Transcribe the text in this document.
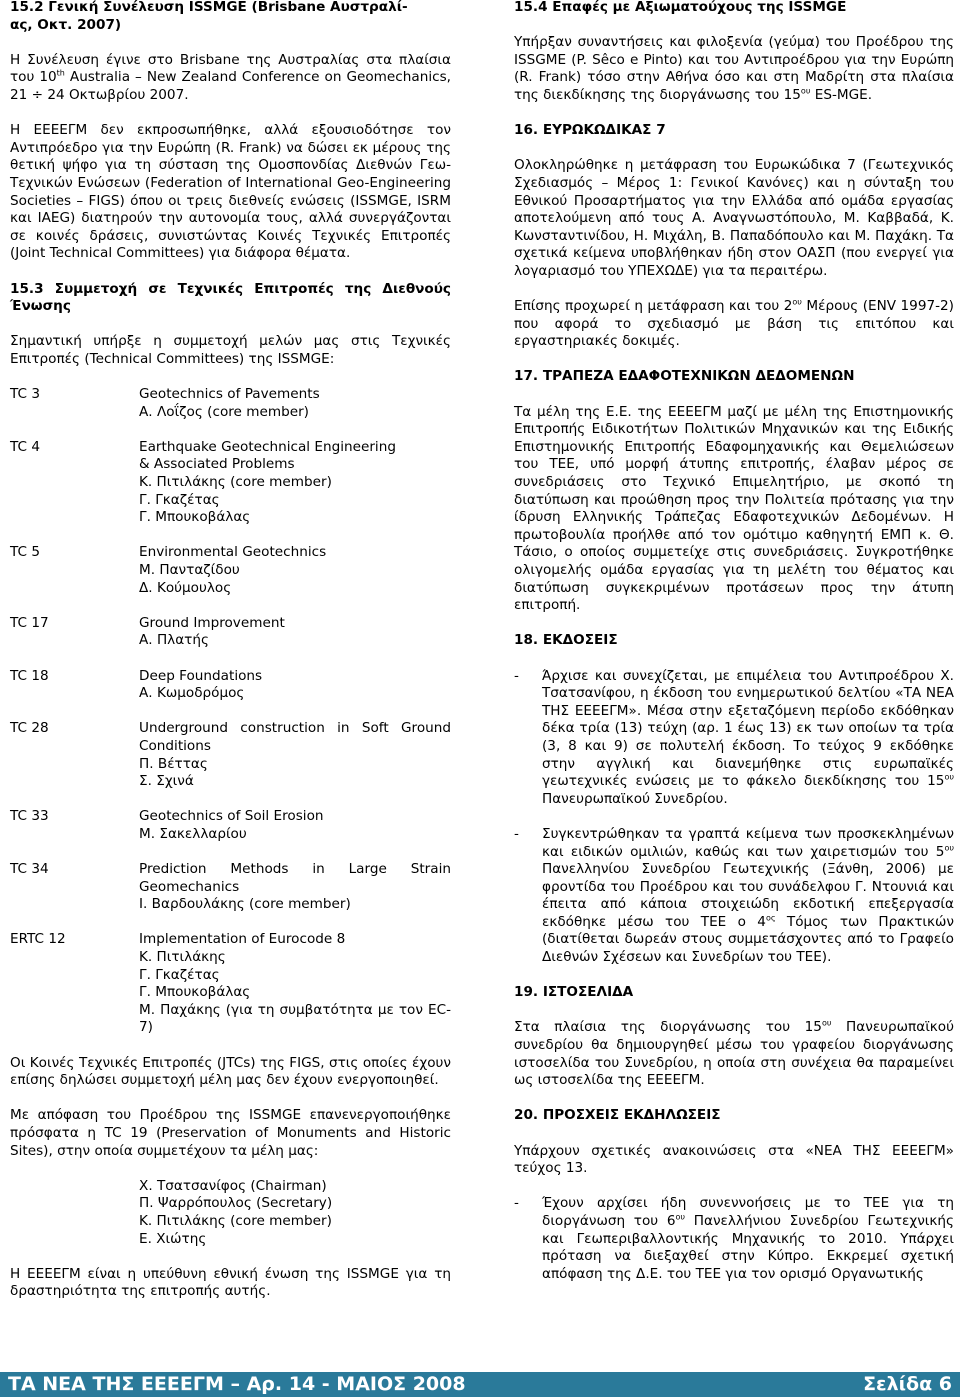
15.2 Γενική Συνέλευση ISSMGE (Brisbane Αυστραλί-
ας, Οκτ. 2007)

Η Συνέλευση έγινε στο Brisbane της Αυστραλίας στα πλαίσια του 10th Australia – New Zealand Conference on Geomechanics, 21 ÷ 24 Οκτωβρίου 2007.

Η ΕΕΕΕΓΜ δεν εκπροσωπήθηκε, αλλά εξουσιοδότησε τον Αντιπρόεδρο για την Ευρώπη (R. Frank) να δώσει εκ μέρους της θετική ψήφο για τη σύσταση της Ομοσπονδίας Διεθνών Γεω-Τεχνικών Ενώσεων (Federation of International Geo-Engineering Societies – FIGS) όπου οι τρεις διεθνείς ενώσεις (ISSMGE, ISRM και IAEG) διατηρούν την αυτονομία τους, αλλά συνεργάζονται σε κοινές δράσεις, συνιστώντας Κοινές Τεχνικές Επιτροπές (Joint Technical Committees) για διάφορα θέματα.

15.3 Συμμετοχή σε Τεχνικές Επιτροπές της Διεθνούς Ένωσης

Σημαντική υπήρξε η συμμετοχή μελών μας στις Τεχνικές Επιτροπές (Technical Committees) της ISSMGE:

TC 3	Geotechnics of Pavements
Α. Λοΐζος (core member)
TC 4	Earthquake Geotechnical Engineering
& Associated Problems
Κ. Πιτιλάκης (core member)
Γ. Γκαζέτας
Γ. Μπουκοβάλας
TC 5	Environmental Geotechnics
Μ. Πανταζίδου
Δ. Κούμουλος
TC 17	Ground Improvement
Α. Πλατής
TC 18	Deep Foundations
Α. Κωμοδρόμος
TC 28	Underground construction in Soft Ground Conditions
Π. Βέττας
Σ. Σχινά
TC 33	Geotechnics of Soil Erosion
Μ. Σακελλαρίου
TC 34	Prediction Methods in Large Strain Geomechanics
Ι. Βαρδουλάκης (core member)
ERTC 12	Implementation of Eurocode 8
Κ. Πιτιλάκης
Γ. Γκαζέτας
Γ. Μπουκοβάλας
Μ. Παχάκης (για τη συμβατότητα με τον EC-7)

Οι Κοινές Τεχνικές Επιτροπές (JTCs) της FIGS, στις οποίες έχουν επίσης δηλώσει συμμετοχή μέλη μας δεν έχουν ενεργοποιηθεί.

Με απόφαση του Προέδρου της ISSMGE επανενεργοποιήθηκε πρόσφατα η TC 19 (Preservation of Monuments and Historic Sites), στην οποία συμμετέχουν τα μέλη μας:

Χ. Τσατσανίφος (Chairman)
Π. Ψαρρόπουλος (Secretary)
Κ. Πιτιλάκης (core member)
Ε. Χιώτης

Η ΕΕΕΕΓΜ είναι η υπεύθυνη εθνική ένωση της ISSMGE για τη δραστηριότητα της επιτροπής αυτής.

15.4 Επαφές με Αξιωματούχους της ISSMGE

Υπήρξαν συναντήσεις και φιλοξενία (γεύμα) του Προέδρου της ISSGME (P. Sêco e Pinto) και του Αντιπροέδρου για την Ευρώπη (R. Frank) τόσο στην Αθήνα όσο και στη Μαδρίτη στα πλαίσια της διεκδίκησης της διοργάνωσης του $15^{o\upsilon}$ ES-MGE.

16. ΕΥΡΩΚΩΔΙΚΑΣ 7

Ολοκληρώθηκε η μετάφραση του Ευρωκώδικα 7 (Γεωτεχνικός Σχεδιασμός – Μέρος 1: Γενικοί Κανόνες) και η σύνταξη του Εθνικού Προσαρτήματος για την Ελλάδα από ομάδα εργασίας αποτελούμενη από τους Α. Αναγνωστόπουλο, Μ. Καββαδά, Κ. Κωνσταντινίδου, Η. Μιχάλη, Β. Παπαδόπουλο και Μ. Παχάκη. Τα σχετικά κείμενα υποβλήθηκαν ήδη στον ΟΑΣΠ (που ενεργεί για λογαριασμό του ΥΠΕΧΩΔΕ) για τα περαιτέρω.

Επίσης προχωρεί η μετάφραση και του $2^{o\upsilon}$ Μέρους (ENV 1997-2) που αφορά το σχεδιασμό με βάση τις επιτόπου και εργαστηριακές δοκιμές.

17. ΤΡΑΠΕΖΑ ΕΔΑΦΟΤΕΧΝΙΚΩΝ ΔΕΔΟΜΕΝΩΝ

Τα μέλη της Ε.Ε. της ΕΕΕΕΓΜ μαζί με μέλη της Επιστημονικής Επιτροπής Ειδικοτήτων Πολιτικών Μηχανικών και της Ειδικής Επιστημονικής Επιτροπής Εδαφομηχανικής και Θεμελιώσεων του ΤΕΕ, υπό μορφή άτυπης επιτροπής, έλαβαν μέρος σε συνεδριάσεις στο Τεχνικό Επιμελητήριο, με σκοπό τη διατύπωση και προώθηση προς την Πολιτεία πρότασης για την ίδρυση Ελληνικής Τράπεζας Εδαφοτεχνικών Δεδομένων. Η πρωτοβουλία προήλθε από τον ομότιμο καθηγητή ΕΜΠ κ. Θ. Τάσιο, ο οποίος συμμετείχε στις συνεδριάσεις. Συγκροτήθηκε ολιγομελής ομάδα εργασίας για τη μελέτη του θέματος και διατύπωση συγκεκριμένων προτάσεων προς την άτυπη επιτροπή.

18. ΕΚΔΟΣΕΙΣ

-	Άρχισε και συνεχίζεται, με επιμέλεια του Αντιπροέδρου Χ. Τσατσανίφου, η έκδοση του ενημερωτικού δελτίου «ΤΑ ΝΕΑ ΤΗΣ ΕΕΕΕΓΜ». Μέσα στην εξεταζόμενη περίοδο εκδόθηκαν δέκα τρία (13) τεύχη (αρ. 1 έως 13) εκ των οποίων τα τρία (3, 8 και 9) σε πολυτελή έκδοση. Το τεύχος 9 εκδόθηκε στην αγγλική και διανεμήθηκε στις ευρωπαϊκές γεωτεχνικές ενώσεις με το φάκελο διεκδίκησης του $15^{o\upsilon}$ Πανευρωπαϊκού Συνεδρίου.

-	Συγκεντρώθηκαν τα γραπτά κείμενα των προσκεκλημένων και ειδικών ομιλιών, καθώς και των χαιρετισμών του $5^{o\upsilon}$ Πανελληνίου Συνεδρίου Γεωτεχνικής (Ξάνθη, 2006) με φροντίδα του Προέδρου και του συνάδελφου Γ. Ντουνιά και έπειτα από κάποια στοιχειώδη εκδοτική επεξεργασία εκδόθηκε μέσω του ΤΕΕ ο $4^{o\varsigma}$ Τόμος των Πρακτικών (διατίθεται δωρεάν στους συμμετάσχοντες από το Γραφείο Διεθνών Σχέσεων και Συνεδρίων του ΤΕΕ).

19. ΙΣΤΟΣΕΛΙΔΑ

Στα πλαίσια της διοργάνωσης του $15^{o\upsilon}$ Πανευρωπαϊκού συνεδρίου θα δημιουργηθεί μέσω του γραφείου διοργάνωσης ιστοσελίδα του Συνεδρίου, η οποία στη συνέχεια θα παραμείνει ως ιστοσελίδα της ΕΕΕΕΓΜ.

20. ΠΡΟΣΧΕΙΣ ΕΚΔΗΛΩΣΕΙΣ

Υπάρχουν σχετικές ανακοινώσεις στα «ΝΕΑ ΤΗΣ ΕΕΕΕΓΜ» τεύχος 13.

-	Έχουν αρχίσει ήδη συνεννοήσεις με το ΤΕΕ για τη διοργάνωση του $6^{o\upsilon}$ Πανελλήνιου Συνεδρίου Γεωτεχνικής και Γεωπεριβαλλοντικής Μηχανικής το 2010. Υπάρχει πρόταση να διεξαχθεί στην Κύπρο. Εκκρεμεί σχετική απόφαση της Δ.Ε. του ΤΕΕ για τον ορισμό Οργανωτικής

ΤΑ ΝΕΑ ΤΗΣ ΕΕΕΕΓΜ – Αρ. 14 - ΜΑΙΟΣ 2008	Σελίδα 6
